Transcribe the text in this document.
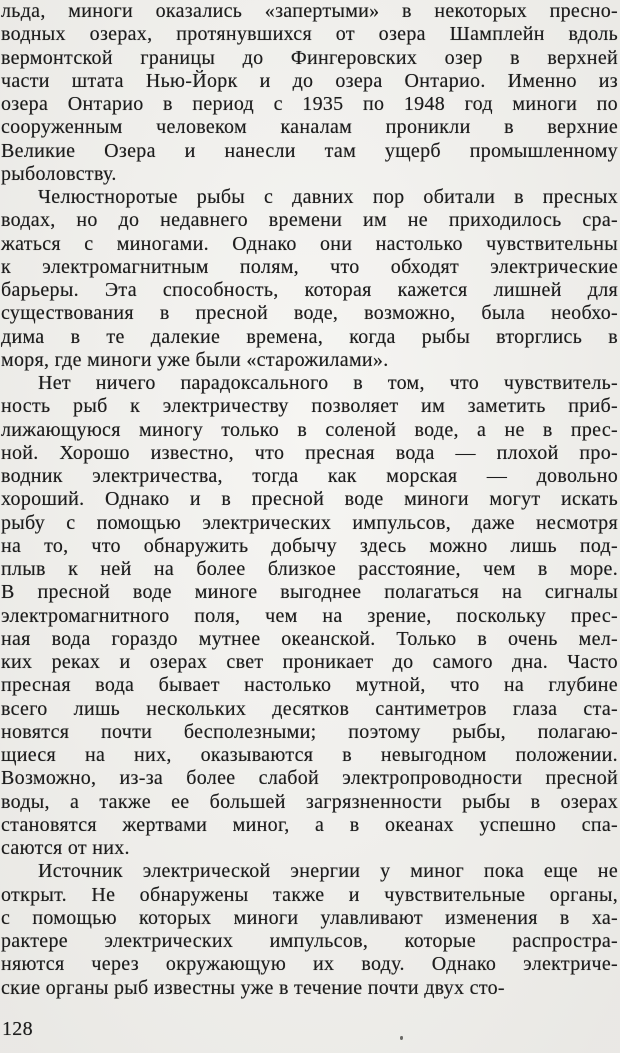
льда, миноги оказались «запертыми» в некоторых пресно-
водных озерах, протянувшихся от озера Шамплейн вдоль
вермонтской границы до Фингеровских озер в верхней
части штата Нью-Йорк и до озера Онтарио. Именно из
озера Онтарио в период с 1935 по 1948 год миноги по
сооруженным человеком каналам проникли в верхние
Великие Озера и нанесли там ущерб промышленному
рыболовству.
Челюстноротые рыбы с давних пор обитали в пресных
водах, но до недавнего времени им не приходилось сра-
жаться с миногами. Однако они настолько чувствительны
к электромагнитным полям, что обходят электрические
барьеры. Эта способность, которая кажется лишней для
существования в пресной воде, возможно, была необхо-
дима в те далекие времена, когда рыбы вторглись в
моря, где миноги уже были «старожилами».
Нет ничего парадоксального в том, что чувствитель-
ность рыб к электричеству позволяет им заметить приб-
лижающуюся миногу только в соленой воде, а не в прес-
ной. Хорошо известно, что пресная вода — плохой про-
водник электричества, тогда как морская — довольно
хороший. Однако и в пресной воде миноги могут искать
рыбу с помощью электрических импульсов, даже несмотря
на то, что обнаружить добычу здесь можно лишь под-
плыв к ней на более близкое расстояние, чем в море.
В пресной воде миноге выгоднее полагаться на сигналы
электромагнитного поля, чем на зрение, поскольку прес-
ная вода гораздо мутнее океанской. Только в очень мел-
ких реках и озерах свет проникает до самого дна. Часто
пресная вода бывает настолько мутной, что на глубине
всего лишь нескольких десятков сантиметров глаза ста-
новятся почти бесполезными; поэтому рыбы, полагаю-
щиеся на них, оказываются в невыгодном положении.
Возможно, из-за более слабой электропроводности пресной
воды, а также ее большей загрязненности рыбы в озерах
становятся жертвами миног, а в океанах успешно спа-
саются от них.
Источник электрической энергии у миног пока еще не
открыт. Не обнаружены также и чувствительные органы,
с помощью которых миноги улавливают изменения в ха-
рактере электрических импульсов, которые распростра-
няются через окружающую их воду. Однако электриче-
ские органы рыб известны уже в течение почти двух сто-
128
